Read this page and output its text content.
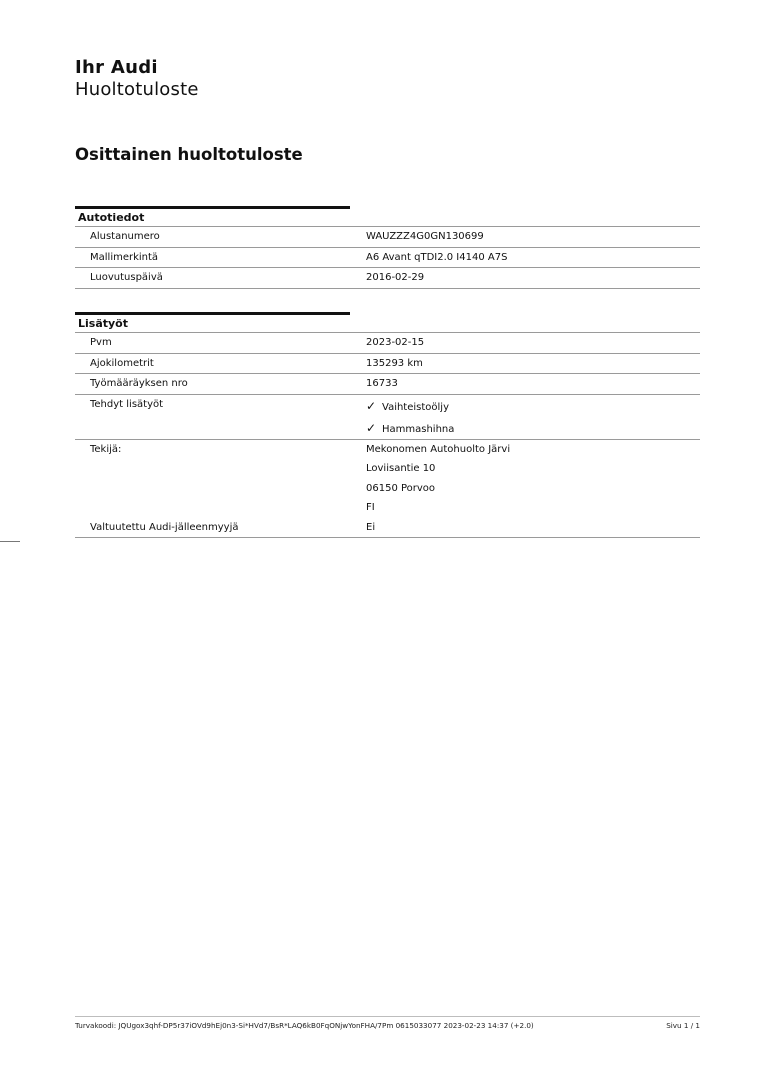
Ihr Audi
Huoltotuloste
Osittainen huoltotuloste
Autotiedot
Alustanumero	WAUZZZ4G0GN130699
Mallimerkintä	A6 Avant qTDI2.0 I4140 A7S
Luovutuspäivä	2016-02-29
Lisätyöt
Pvm	2023-02-15
Ajokilometrit	135293 km
Työmääräyksen nro	16733
Tehdyt lisätyöt	✓ Vaihteistoöljy
✓ Hammashihna
Tekijä:	Mekonomen Autohuolto Järvi
Loviisantie 10
06150 Porvoo
FI
Valtuutettu Audi-jälleenmyyjä	Ei
Turvakoodi: JQUgox3qhf-DP5r37iOVd9hEj0n3-Si*HVd7/BsR*LAQ6kB0FqONjwYonFHA/7Pm 0615033077 2023-02-23 14:37 (+2.0)	Sivu 1 / 1
